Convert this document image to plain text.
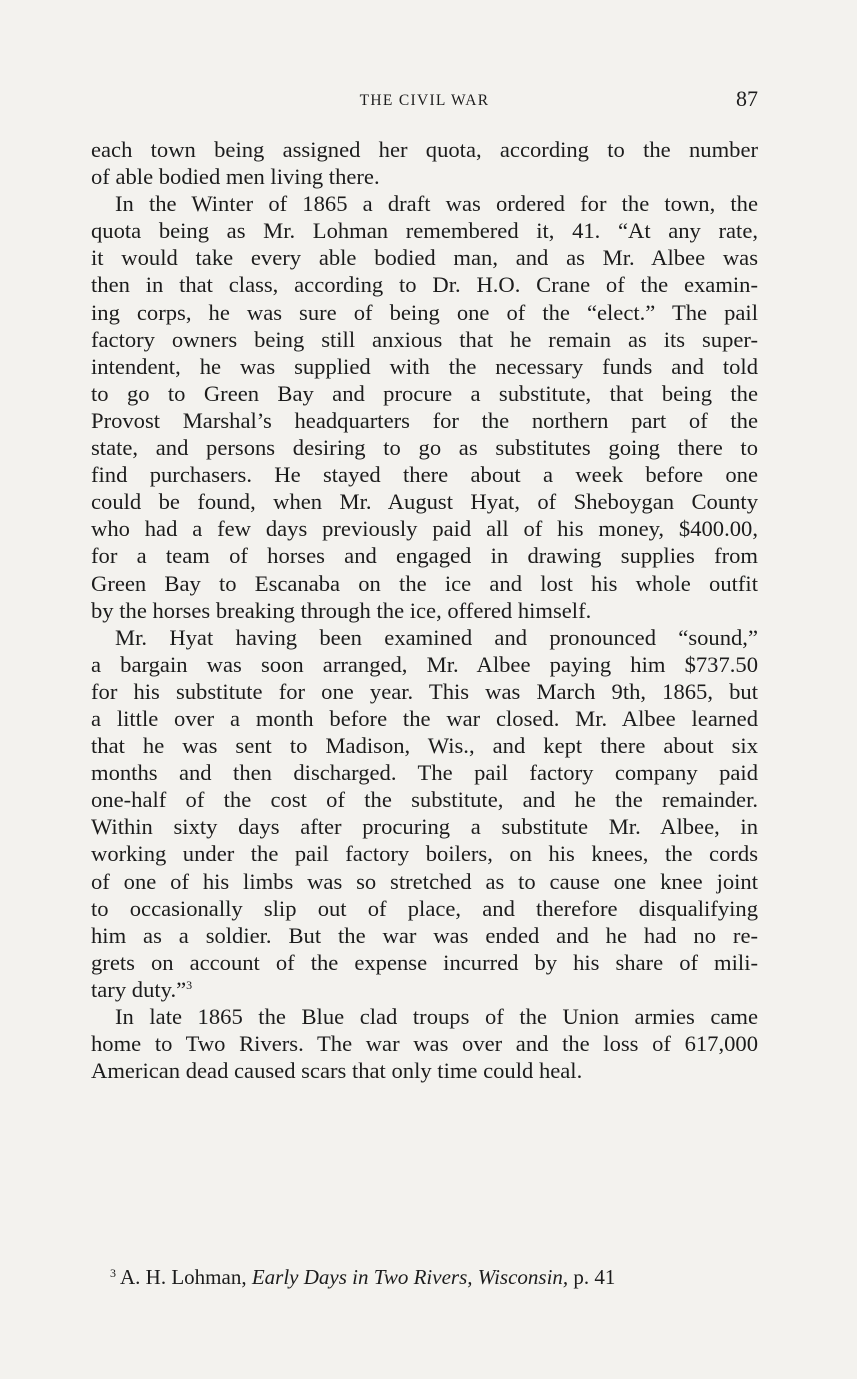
THE CIVIL WAR	87
each town being assigned her quota, according to the number
of able bodied men living there.
In the Winter of 1865 a draft was ordered for the town, the
quota being as Mr. Lohman remembered it, 41. “At any rate,
it would take every able bodied man, and as Mr. Albee was
then in that class, according to Dr. H.O. Crane of the examin-
ing corps, he was sure of being one of the “elect.” The pail
factory owners being still anxious that he remain as its super-
intendent, he was supplied with the necessary funds and told
to go to Green Bay and procure a substitute, that being the
Provost Marshal’s headquarters for the northern part of the
state, and persons desiring to go as substitutes going there to
find purchasers. He stayed there about a week before one
could be found, when Mr. August Hyat, of Sheboygan County
who had a few days previously paid all of his money, $400.00,
for a team of horses and engaged in drawing supplies from
Green Bay to Escanaba on the ice and lost his whole outfit
by the horses breaking through the ice, offered himself.
Mr. Hyat having been examined and pronounced “sound,”
a bargain was soon arranged, Mr. Albee paying him $737.50
for his substitute for one year. This was March 9th, 1865, but
a little over a month before the war closed. Mr. Albee learned
that he was sent to Madison, Wis., and kept there about six
months and then discharged. The pail factory company paid
one-half of the cost of the substitute, and he the remainder.
Within sixty days after procuring a substitute Mr. Albee, in
working under the pail factory boilers, on his knees, the cords
of one of his limbs was so stretched as to cause one knee joint
to occasionally slip out of place, and therefore disqualifying
him as a soldier. But the war was ended and he had no re-
grets on account of the expense incurred by his share of mili-
tary duty.”$^3$
In late 1865 the Blue clad troups of the Union armies came
home to Two Rivers. The war was over and the loss of 617,000
American dead caused scars that only time could heal.
$^3$ A. H. Lohman, Early Days in Two Rivers, Wisconsin, p. 41
